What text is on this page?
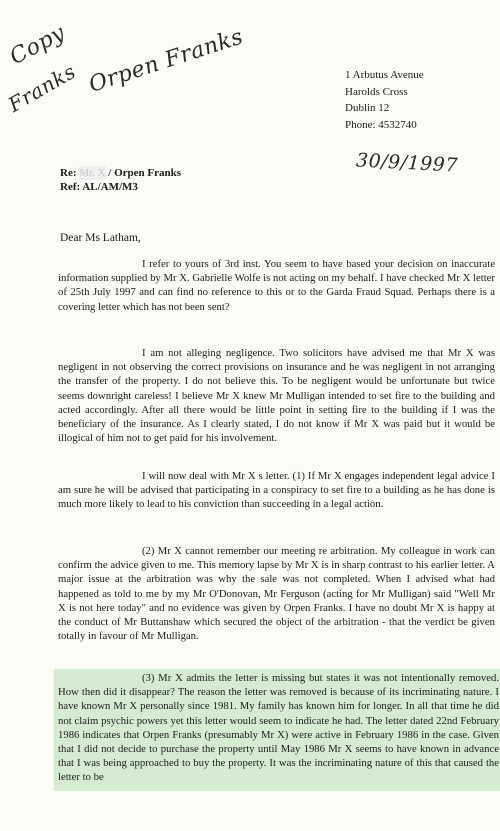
Copy
Franks Orpen Franks
30/9/1997
1 Arbutus Avenue
Harolds Cross
Dublin 12
Phone: 4532740
Re: Mr. X / Orpen Franks
Ref: AL/AM/M3
Dear Ms Latham,

I refer to yours of 3rd inst. You seem to have based your decision on inaccurate information supplied by Mr X. Gabrielle Wolfe is not acting on my behalf. I have checked Mr X letter of 25th July 1997 and can find no reference to this or to the Garda Fraud Squad. Perhaps there is a covering letter which has not been sent?

I am not alleging negligence. Two solicitors have advised me that Mr X was negligent in not observing the correct provisions on insurance and he was negligent in not arranging the transfer of the property. I do not believe this. To be negligent would be unfortunate but twice seems downright careless! I believe Mr X knew Mr Mulligan intended to set fire to the building and acted accordingly. After all there would be little point in setting fire to the building if I was the beneficiary of the insurance. As I clearly stated, I do not know if Mr X was paid but it would be illogical of him not to get paid for his involvement.

I will now deal with Mr X s letter. (1) If Mr X engages independent legal advice I am sure he will be advised that participating in a conspiracy to set fire to a building as he has done is much more likely to lead to his conviction than succeeding in a legal action.

(2) Mr X cannot remember our meeting re arbitration. My colleague in work can confirm the advice given to me. This memory lapse by Mr X is in sharp contrast to his earlier letter. A major issue at the arbitration was why the sale was not completed. When I advised what had happened as told to me by my Mr O'Donovan, Mr Ferguson (acting for Mr Mulligan) said "Well Mr X is not here today" and no evidence was given by Orpen Franks. I have no doubt Mr X is happy at the conduct of Mr Buttanshaw which secured the object of the arbitration - that the verdict be given totally in favour of Mr Mulligan.

(3) Mr X admits the letter is missing but states it was not intentionally removed. How then did it disappear? The reason the letter was removed is because of its incriminating nature. I have known Mr X personally since 1981. My family has known him for longer. In all that time he did not claim psychic powers yet this letter would seem to indicate he had. The letter dated 22nd February 1986 indicates that Orpen Franks (presumably Mr X) were active in February 1986 in the case. Given that I did not decide to purchase the property until May 1986 Mr X seems to have known in advance that I was being approached to buy the property. It was the incriminating nature of this that caused the letter to be
